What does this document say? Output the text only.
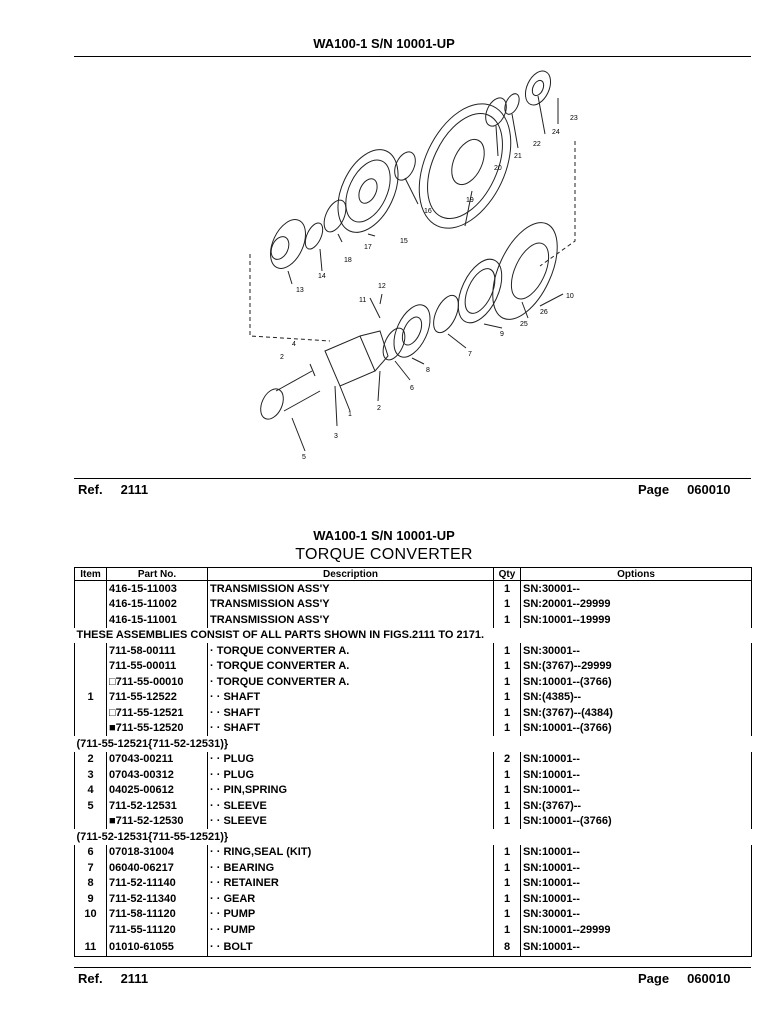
WA100-1 S/N 10001-UP
1
2
2
3
4
5
6
7
8
9
10
11
12
13
14
15
16
17
18
19
20
21
22
23
24
25
26
Ref. 2111	Page 060010
WA100-1 S/N 10001-UP
TORQUE CONVERTER
Item	Part No.	Description	Qty	Options
	416-15-11003	TRANSMISSION ASS'Y	1	SN:30001--
	416-15-11002	TRANSMISSION ASS'Y	1	SN:20001--29999
	416-15-11001	TRANSMISSION ASS'Y	1	SN:10001--19999
THESE ASSEMBLIES CONSIST OF ALL PARTS SHOWN IN FIGS.2111 TO 2171.				
	711-58-00111	· TORQUE CONVERTER A.	1	SN:30001--
	711-55-00011	· TORQUE CONVERTER A.	1	SN:(3767)--29999
	□711-55-00010	· TORQUE CONVERTER A.	1	SN:10001--(3766)
1	711-55-12522	· · SHAFT	1	SN:(4385)--
	□711-55-12521	· · SHAFT	1	SN:(3767)--(4384)
	■711-55-12520	· · SHAFT	1	SN:10001--(3766)
(711-55-12521{711-52-12531)}				
2	07043-00211	· · PLUG	2	SN:10001--
3	07043-00312	· · PLUG	1	SN:10001--
4	04025-00612	· · PIN,SPRING	1	SN:10001--
5	711-52-12531	· · SLEEVE	1	SN:(3767)--
	■711-52-12530	· · SLEEVE	1	SN:10001--(3766)
(711-52-12531{711-55-12521)}				
6	07018-31004	· · RING,SEAL (KIT)	1	SN:10001--
7	06040-06217	· · BEARING	1	SN:10001--
8	711-52-11140	· · RETAINER	1	SN:10001--
9	711-52-11340	· · GEAR	1	SN:10001--
10	711-58-11120	· · PUMP	1	SN:30001--
	711-55-11120	· · PUMP	1	SN:10001--29999
11	01010-61055	· · BOLT	8	SN:10001--
Ref. 2111	Page 060010
